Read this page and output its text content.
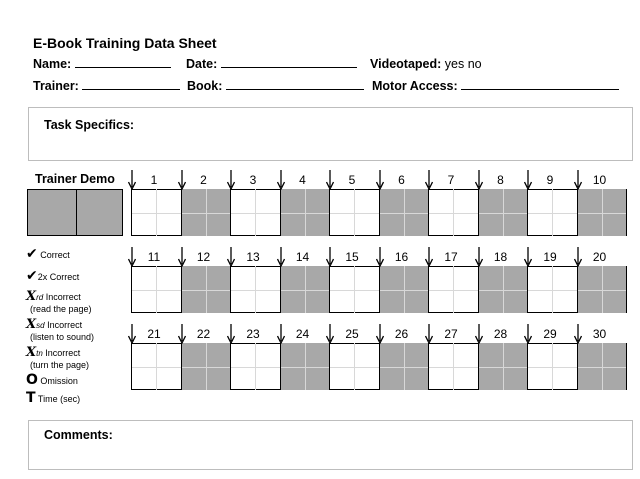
E-Book Training Data Sheet
Name:	Date:	Videotaped: yes no
Trainer:	Book:	Motor Access:
Task Specifics:
Trainer Demo	1	2	3	4	5	6	7	8	9	10
11	12	13	14	15	16	17	18	19	20
21	22	23	24	25	26	27	28	29	30
✔ Correct
✔2x Correct
Xrd Incorrect
(read the page)
Xsd Incorrect
(listen to sound)
Xtn Incorrect
(turn the page)
O Omission
T Time (sec)
Comments:
